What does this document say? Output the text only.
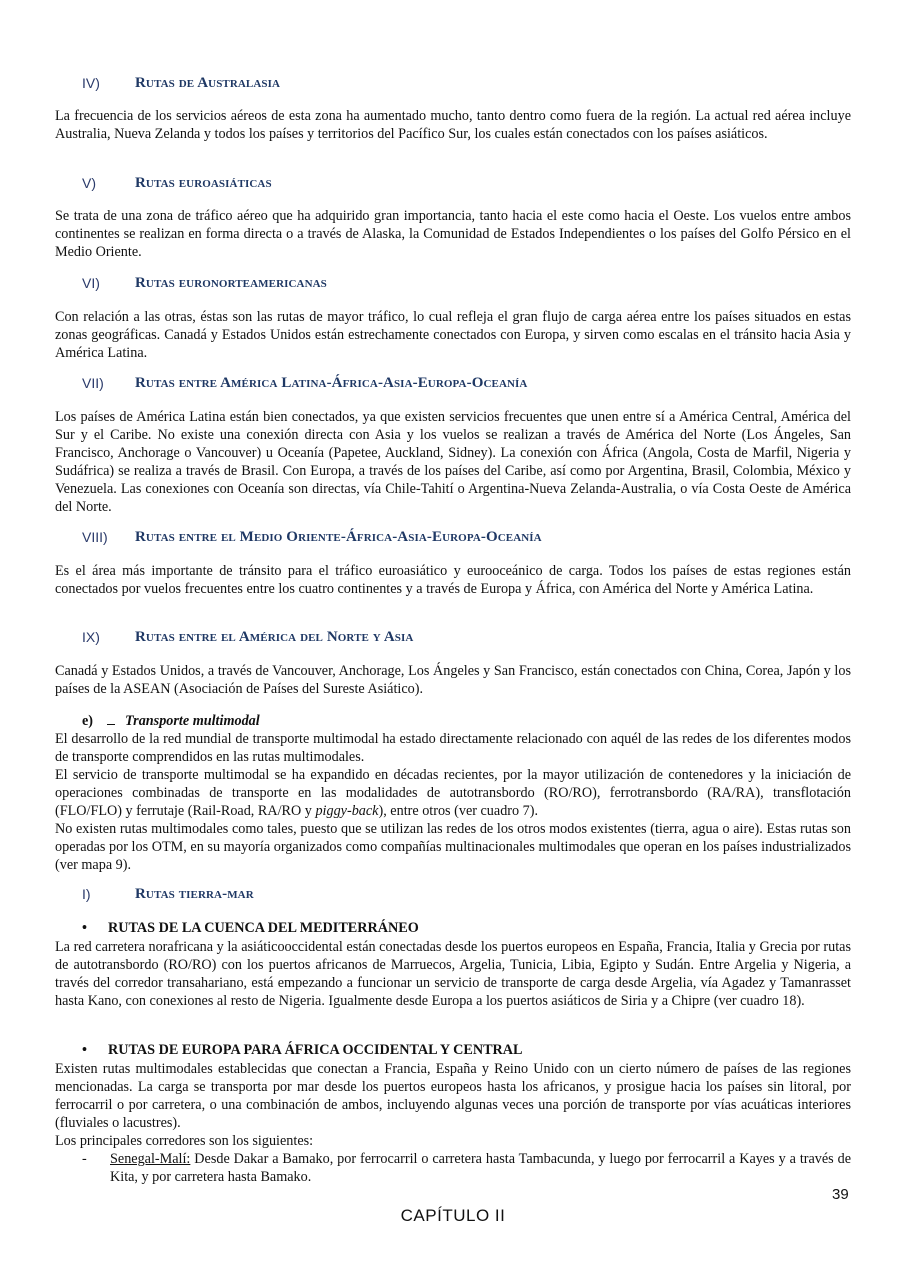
IV) Rutas de Australasia
La frecuencia de los servicios aéreos de esta zona ha aumentado mucho, tanto dentro como fuera de la región. La actual red aérea incluye Australia, Nueva Zelanda y todos los países y territorios del Pacífico Sur, los cuales están conectados con los países asiáticos.
V)	Rutas euroasiáticas
Se trata de una zona de tráfico aéreo que ha adquirido gran importancia, tanto hacia el este como hacia el Oeste. Los vuelos entre ambos continentes se realizan en forma directa o a través de Alaska, la Comunidad de Estados Independientes o los países del Golfo Pérsico en el Medio Oriente.
VI) Rutas euronorteamericanas
Con relación a las otras, éstas son las rutas de mayor tráfico, lo cual refleja el gran flujo de carga aérea entre los países situados en estas zonas geográficas. Canadá y Estados Unidos están estrechamente conectados con Europa, y sirven como escalas en el tránsito hacia Asia y América Latina.
VII) Rutas entre América Latina-África-Asia-Europa-Oceanía
Los países de América Latina están bien conectados, ya que existen servicios frecuentes que unen entre sí a América Central, América del Sur y el Caribe. No existe una conexión directa con Asia y los vuelos se realizan a través de América del Norte (Los Ángeles, San Francisco, Anchorage o Vancouver) u Oceanía (Papetee, Auckland, Sidney). La conexión con África (Angola, Costa de Marfil, Nigeria y Sudáfrica) se realiza a través de Brasil. Con Europa, a través de los países del Caribe, así como por Argentina, Brasil, Colombia, México y Venezuela. Las conexiones con Oceanía son directas, vía Chile-Tahití o Argentina-Nueva Zelanda-Australia, o vía Costa Oeste de América del Norte.
VIII) Rutas entre el Medio Oriente-África-Asia-Europa-Oceanía
Es el área más importante de tránsito para el tráfico euroasiático y eurooceánico de carga. Todos los países de estas regiones están conectados por vuelos frecuentes entre los cuatro continentes y a través de Europa y África, con América del Norte y América Latina.
IX) Rutas entre el América del Norte y Asia
Canadá y Estados Unidos, a través de Vancouver, Anchorage, Los Ángeles y San Francisco, están conectados con China, Corea, Japón y los países de la ASEAN (Asociación de Países del Sureste Asiático).
e) Transporte multimodal
El desarrollo de la red mundial de transporte multimodal ha estado directamente relacionado con aquél de las redes de los diferentes modos de transporte comprendidos en las rutas multimodales.
El servicio de transporte multimodal se ha expandido en décadas recientes, por la mayor utilización de contenedores y la iniciación de operaciones combinadas de transporte en las modalidades de autotransbordo (RO/RO), ferrotransbordo (RA/RA), transflotación (FLO/FLO) y ferrutaje (Rail-Road, RA/RO y piggy-back), entre otros (ver cuadro 7).
No existen rutas multimodales como tales, puesto que se utilizan las redes de los otros modos existentes (tierra, agua o aire). Estas rutas son operadas por los OTM, en su mayoría organizados como compañías multinacionales multimodales que operan en los países industrializados (ver mapa 9).
I)	Rutas tierra-mar
• RUTAS DE LA CUENCA DEL MEDITERRÁNEO
La red carretera norafricana y la asiáticooccidental están conectadas desde los puertos europeos en España, Francia, Italia y Grecia por rutas de autotransbordo (RO/RO) con los puertos africanos de Marruecos, Argelia, Tunicia, Libia, Egipto y Sudán. Entre Argelia y Nigeria, a través del corredor transahariano, está empezando a funcionar un servicio de transporte de carga desde Argelia, vía Agadez y Tamanrasset hasta Kano, con conexiones al resto de Nigeria. Igualmente desde Europa a los puertos asiáticos de Siria y a Chipre (ver cuadro 18).
• RUTAS DE EUROPA PARA ÁFRICA OCCIDENTAL Y CENTRAL
Existen rutas multimodales establecidas que conectan a Francia, España y Reino Unido con un cierto número de países de las regiones mencionadas. La carga se transporta por mar desde los puertos europeos hasta los africanos, y prosigue hacia los países sin litoral, por ferrocarril o por carretera, o una combinación de ambos, incluyendo algunas veces una porción de transporte por vías acuáticas interiores (fluviales o lacustres).
Los principales corredores son los siguientes:
- Senegal-Malí: Desde Dakar a Bamako, por ferrocarril o carretera hasta Tambacunda, y luego por ferrocarril a Kayes y a través de Kita, y por carretera hasta Bamako.
39
CAPÍTULO II
